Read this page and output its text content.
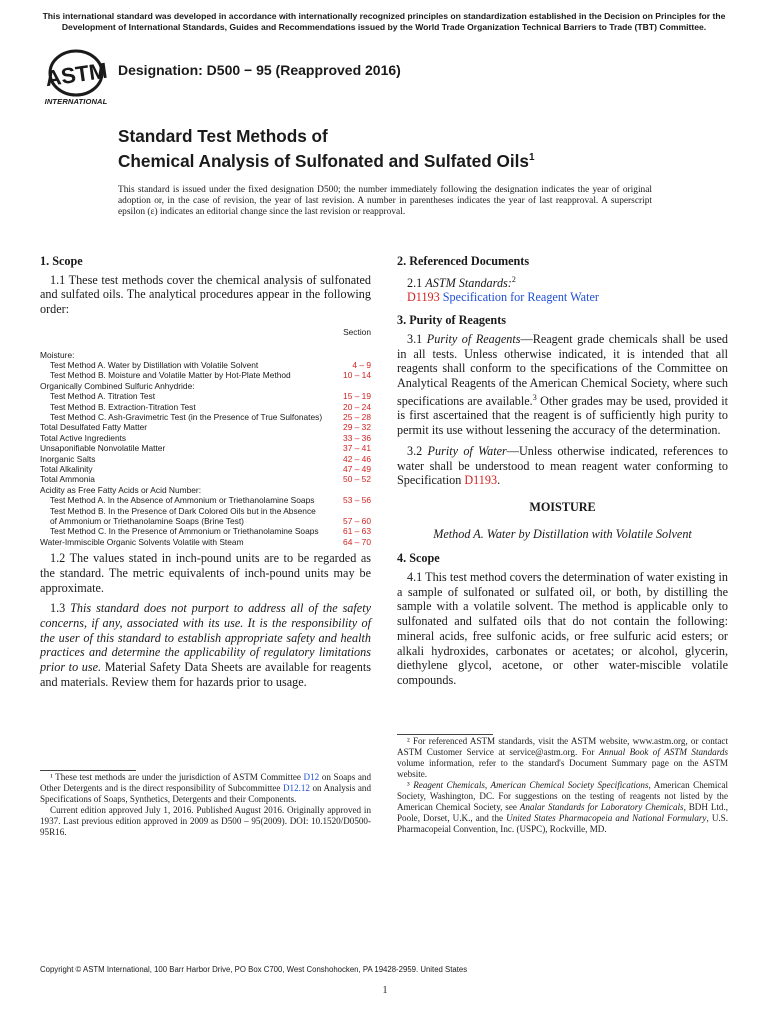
This international standard was developed in accordance with internationally recognized principles on standardization established in the Decision on Principles for the Development of International Standards, Guides and Recommendations issued by the World Trade Organization Technical Barriers to Trade (TBT) Committee.
ASTM
INTERNATIONAL
Designation: D500 − 95 (Reapproved 2016)
Standard Test Methods of
Chemical Analysis of Sulfonated and Sulfated Oils$^1$
This standard is issued under the fixed designation D500; the number immediately following the designation indicates the year of original adoption or, in the case of revision, the year of last revision. A number in parentheses indicates the year of last reapproval. A superscript epsilon (ε) indicates an editorial change since the last revision or reapproval.
1. Scope

1.1 These test methods cover the chemical analysis of sulfonated and sulfated oils. The analytical procedures appear in the following order:

Section
Moisture:
Test Method A. Water by Distillation with Volatile Solvent	4 – 9
Test Method B. Moisture and Volatile Matter by Hot-Plate Method	10 – 14
Organically Combined Sulfuric Anhydride:
Test Method A. Titration Test	15 – 19
Test Method B. Extraction-Titration Test	20 – 24
Test Method C. Ash-Gravimetric Test (in the Presence of True Sulfonates)	25 – 28
Total Desulfated Fatty Matter	29 – 32
Total Active Ingredients	33 – 36
Unsaponifiable Nonvolatile Matter	37 – 41
Inorganic Salts	42 – 46
Total Alkalinity	47 – 49
Total Ammonia	50 – 52
Acidity as Free Fatty Acids or Acid Number:
Test Method A. In the Absence of Ammonium or Triethanolamine Soaps	53 – 56
Test Method B. In the Presence of Dark Colored Oils but in the Absence of Ammonium or Triethanolamine Soaps (Brine Test)	57 – 60
Test Method C. In the Presence of Ammonium or Triethanolamine Soaps	61 – 63
Water-Immiscible Organic Solvents Volatile with Steam	64 – 70

1.2 The values stated in inch-pound units are to be regarded as the standard. The metric equivalents of inch-pound units may be approximate.

1.3 This standard does not purport to address all of the safety concerns, if any, associated with its use. It is the responsibility of the user of this standard to establish appropriate safety and health practices and determine the applicability of regulatory limitations prior to use. Material Safety Data Sheets are available for reagents and materials. Review them for hazards prior to usage.

¹ These test methods are under the jurisdiction of ASTM Committee D12 on Soaps and Other Detergents and is the direct responsibility of Subcommittee D12.12 on Analysis and Specifications of Soaps, Synthetics, Detergents and their Components.

Current edition approved July 1, 2016. Published August 2016. Originally approved in 1937. Last previous edition approved in 2009 as D500 – 95(2009). DOI: 10.1520/D0500-95R16.

2. Referenced Documents

2.1 ASTM Standards:$^2$

D1193 Specification for Reagent Water

3. Purity of Reagents

3.1 Purity of Reagents—Reagent grade chemicals shall be used in all tests. Unless otherwise indicated, it is intended that all reagents shall conform to the specifications of the Committee on Analytical Reagents of the American Chemical Society, where such specifications are available.$^3$ Other grades may be used, provided it is first ascertained that the reagent is of sufficiently high purity to permit its use without lessening the accuracy of the determination.

3.2 Purity of Water—Unless otherwise indicated, references to water shall be understood to mean reagent water conforming to Specification D1193.

MOISTURE
Method A. Water by Distillation with Volatile Solvent
4. Scope

4.1 This test method covers the determination of water existing in a sample of sulfonated or sulfated oil, or both, by distilling the sample with a volatile solvent. The method is applicable only to sulfonated and sulfated oils that do not contain the following: mineral acids, free sulfonic acids, or free sulfuric acid esters; or alkali hydroxides, carbonates or acetates; or alcohol, glycerin, diethylene glycol, acetone, or other water-miscible volatile compounds.

² For referenced ASTM standards, visit the ASTM website, www.astm.org, or contact ASTM Customer Service at service@astm.org. For Annual Book of ASTM Standards volume information, refer to the standard's Document Summary page on the ASTM website.

³ Reagent Chemicals, American Chemical Society Specifications, American Chemical Society, Washington, DC. For suggestions on the testing of reagents not listed by the American Chemical Society, see Analar Standards for Laboratory Chemicals, BDH Ltd., Poole, Dorset, U.K., and the United States Pharmacopeia and National Formulary, U.S. Pharmacopeial Convention, Inc. (USPC), Rockville, MD.

Copyright © ASTM International, 100 Barr Harbor Drive, PO Box C700, West Conshohocken, PA 19428-2959. United States
1
